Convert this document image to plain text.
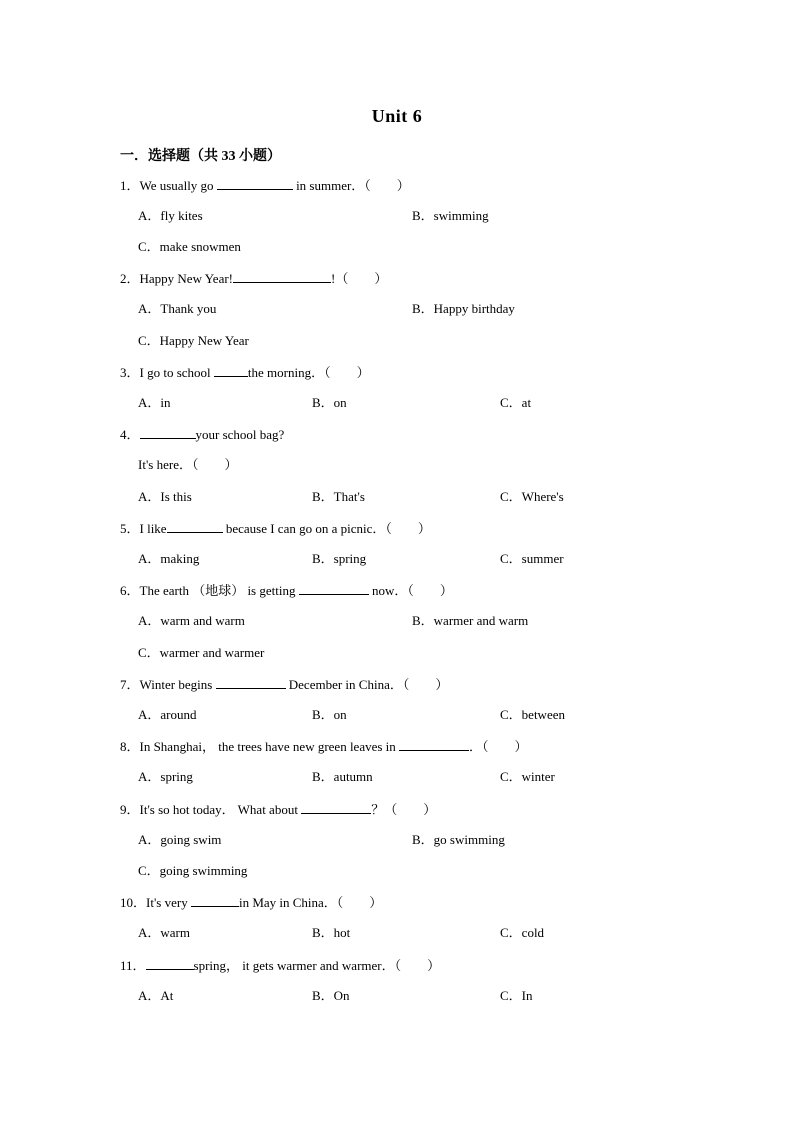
Unit 6
一．选择题（共 33 小题）
1．We usually go	in summer．（　　）
A．fly kites	B．swimming
C．make snowmen
2．Happy New Year!	!（　　）
A．Thank you	B．Happy birthday
C．Happy New Year
3．I go to school	the morning．（　　）
A．in	B．on	C．at
4．	your school bag?
It's here．（　　）
A．Is this	B．That's	C．Where's
5．I like	because I can go on a picnic．（　　）
A．making	B．spring	C．summer
6．The earth （地球） is getting	now．（　　）
A．warm and warm	B．warmer and warm
C．warmer and warmer
7．Winter begins	December in China．（　　）
A．around	B．on	C．between
8．In Shanghai， the trees have new green leaves in	．（　　）
A．spring	B．autumn	C．winter
9．It's so hot today． What about	？（　　）
A．going swim	B．go swimming
C．going swimming
10．It's very	in May in China．（　　）
A．warm	B．hot	C．cold
11．	spring， it gets warmer and warmer．（　　）
A．At	B．On	C．In
